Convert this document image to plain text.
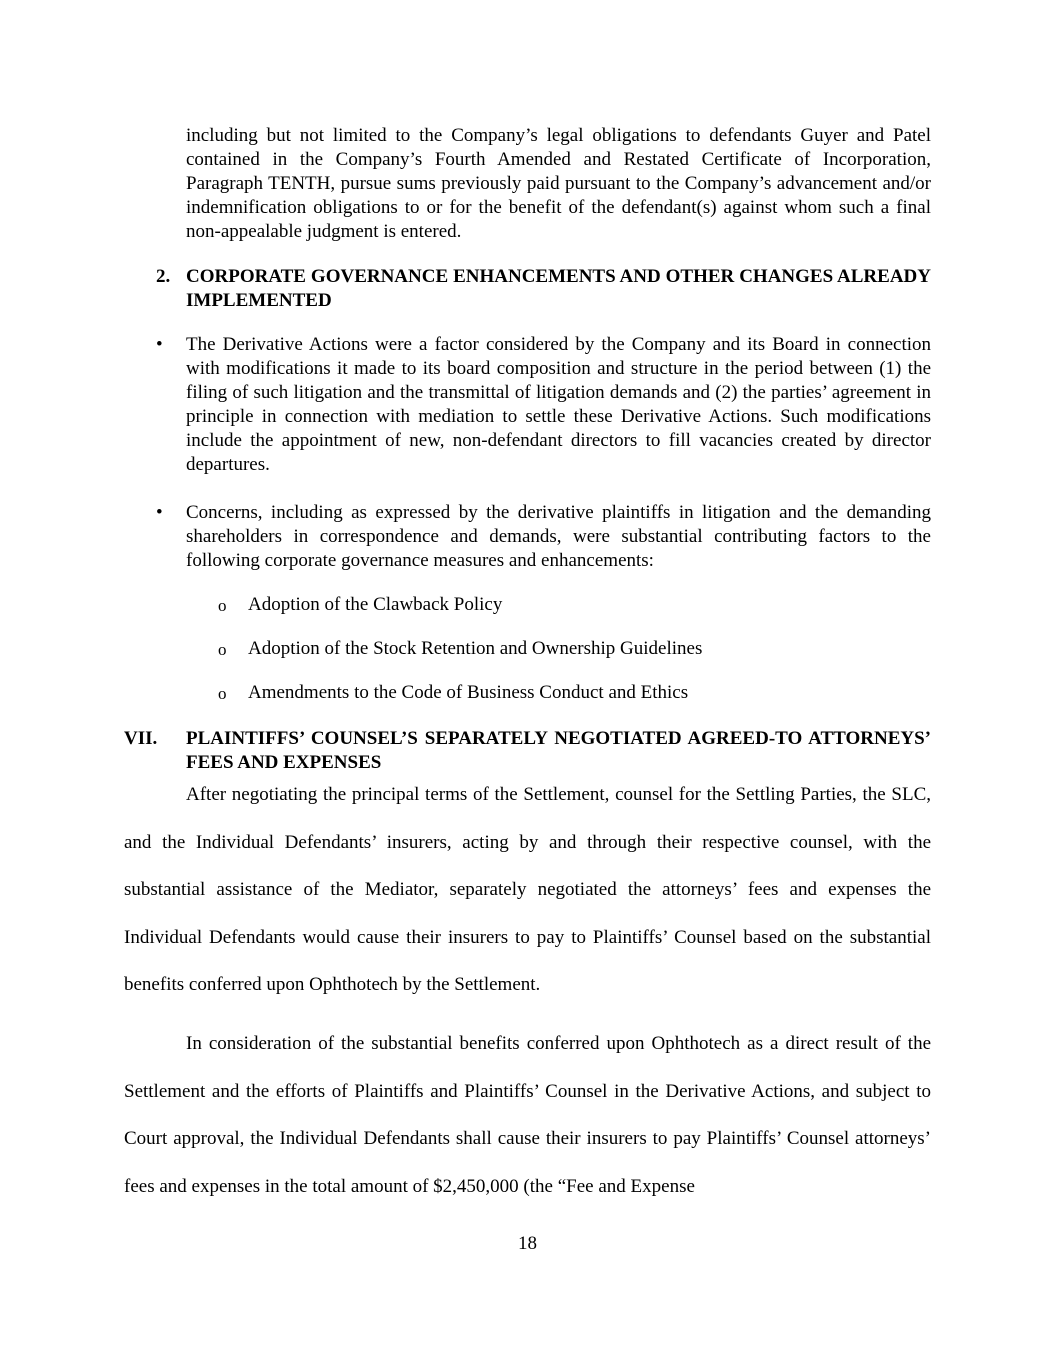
including but not limited to the Company’s legal obligations to defendants Guyer and Patel contained in the Company’s Fourth Amended and Restated Certificate of Incorporation, Paragraph TENTH, pursue sums previously paid pursuant to the Company’s advancement and/or indemnification obligations to or for the benefit of the defendant(s) against whom such a final non-appealable judgment is entered.

2. CORPORATE GOVERNANCE ENHANCEMENTS AND OTHER CHANGES ALREADY IMPLEMENTED

• The Derivative Actions were a factor considered by the Company and its Board in connection with modifications it made to its board composition and structure in the period between (1) the filing of such litigation and the transmittal of litigation demands and (2) the parties’ agreement in principle in connection with mediation to settle these Derivative Actions. Such modifications include the appointment of new, non-defendant directors to fill vacancies created by director departures.

• Concerns, including as expressed by the derivative plaintiffs in litigation and the demanding shareholders in correspondence and demands, were substantial contributing factors to the following corporate governance measures and enhancements:

o Adoption of the Clawback Policy
o Adoption of the Stock Retention and Ownership Guidelines
o Amendments to the Code of Business Conduct and Ethics
VII. PLAINTIFFS’ COUNSEL’S SEPARATELY NEGOTIATED AGREED-TO ATTORNEYS’ FEES AND EXPENSES

After negotiating the principal terms of the Settlement, counsel for the Settling Parties, the SLC, and the Individual Defendants’ insurers, acting by and through their respective counsel, with the substantial assistance of the Mediator, separately negotiated the attorneys’ fees and expenses the Individual Defendants would cause their insurers to pay to Plaintiffs’ Counsel based on the substantial benefits conferred upon Ophthotech by the Settlement.

In consideration of the substantial benefits conferred upon Ophthotech as a direct result of the Settlement and the efforts of Plaintiffs and Plaintiffs’ Counsel in the Derivative Actions, and subject to Court approval, the Individual Defendants shall cause their insurers to pay Plaintiffs’ Counsel attorneys’ fees and expenses in the total amount of $2,450,000 (the “Fee and Expense

18
